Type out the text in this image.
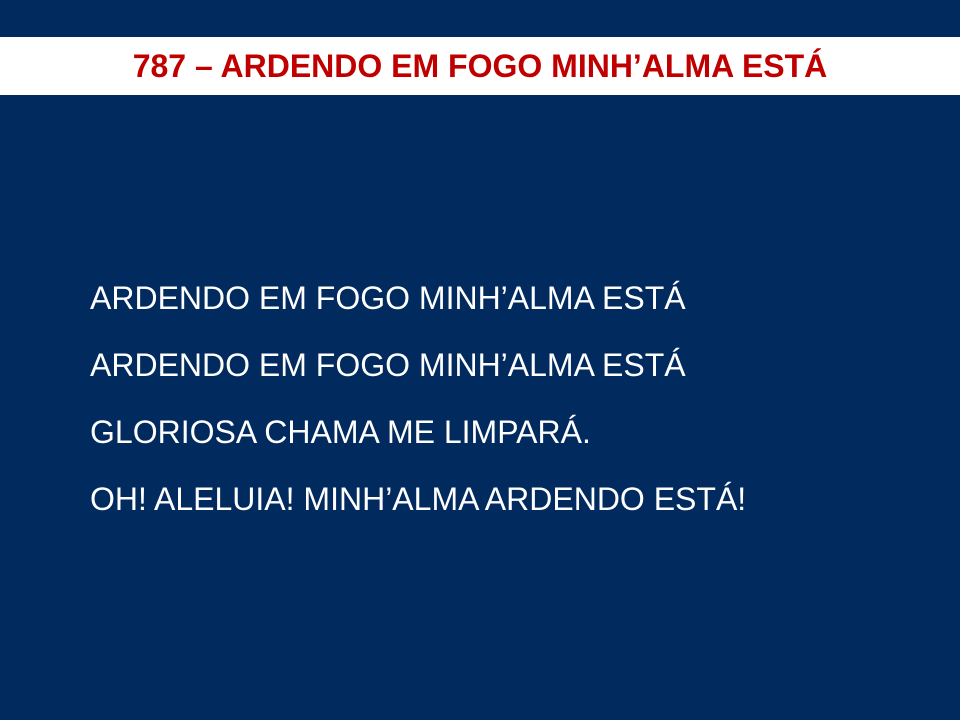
787 – ARDENDO EM FOGO MINH’ALMA ESTÁ
ARDENDO EM FOGO MINH’ALMA ESTÁ
ARDENDO EM FOGO MINH’ALMA ESTÁ
GLORIOSA CHAMA ME LIMPARÁ.
OH! ALELUIA! MINH’ALMA ARDENDO ESTÁ!
